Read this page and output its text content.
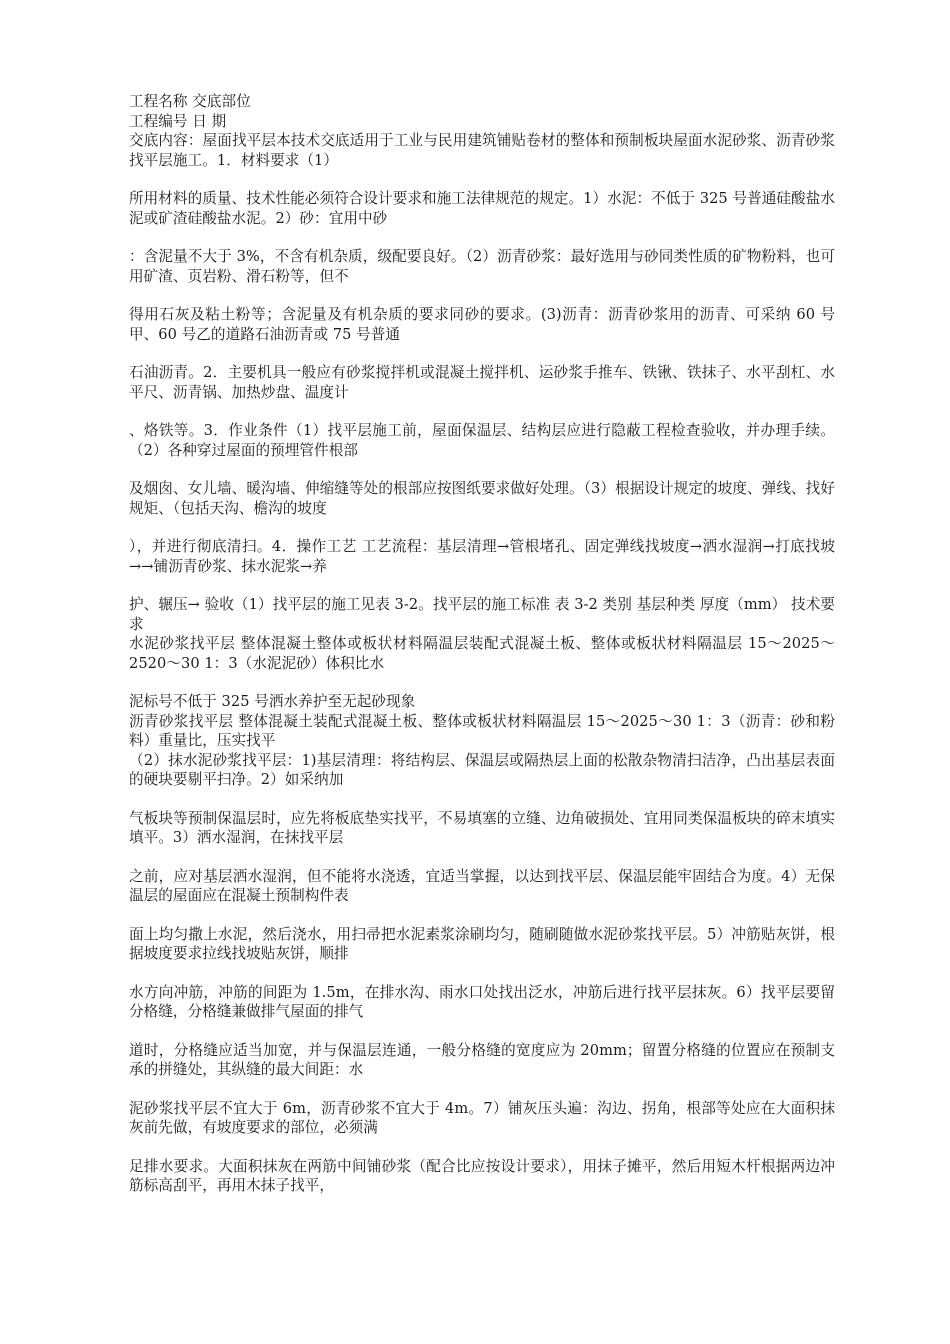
工程名称 交底部位

工程编号 日 期

交底内容：屋面找平层本技术交底适用于工业与民用建筑铺贴卷材的整体和预制板块屋面水泥砂浆、沥青砂浆找平层施工。1．材料要求（1）

所用材料的质量、技术性能必须符合设计要求和施工法律规范的规定。1）水泥：不低于 325 号普通硅酸盐水泥或矿渣硅酸盐水泥。2）砂：宜用中砂

：含泥量不大于 3%，不含有机杂质，级配要良好。（2）沥青砂浆：最好选用与砂同类性质的矿物粉料，也可用矿渣、页岩粉、滑石粉等，但不

得用石灰及粘土粉等；含泥量及有机杂质的要求同砂的要求。(3)沥青：沥青砂浆用的沥青、可采纳 60 号甲、60 号乙的道路石油沥青或 75 号普通

石油沥青。2．主要机具一般应有砂浆搅拌机或混凝土搅拌机、运砂浆手推车、铁锹、铁抹子、水平刮杠、水平尺、沥青锅、加热炒盘、温度计

、烙铁等。3．作业条件（1）找平层施工前，屋面保温层、结构层应进行隐蔽工程检查验收，并办理手续。（2）各种穿过屋面的预埋管件根部

及烟囱、女儿墙、暖沟墙、伸缩缝等处的根部应按图纸要求做好处理。（3）根据设计规定的坡度、弹线、找好规矩、（包括天沟、檐沟的坡度

），并进行彻底清扫。4．操作工艺 工艺流程：基层清理→管根堵孔、固定弹线找坡度→洒水湿润→打底找坡→→铺沥青砂浆、抹水泥浆→养

护、辗压→ 验收（1）找平层的施工见表 3-2。找平层的施工标准 表 3-2 类别 基层种类 厚度（mm） 技术要求

水泥砂浆找平层 整体混凝土整体或板状材料隔温层装配式混凝土板、整体或板状材料隔温层 15～2025～2520～30 1：3（水泥泥砂）体积比水

泥标号不低于 325 号洒水养护至无起砂现象

沥青砂浆找平层 整体混凝土装配式混凝土板、整体或板状材料隔温层 15～2025～30 1：3（沥青：砂和粉料）重量比，压实找平

（2）抹水泥砂浆找平层：1)基层清理：将结构层、保温层或隔热层上面的松散杂物清扫洁净，凸出基层表面的硬块要剔平扫净。2）如采纳加

气板块等预制保温层时，应先将板底垫实找平，不易填塞的立缝、边角破损处、宜用同类保温板块的碎末填实填平。3）洒水湿润，在抹找平层

之前，应对基层洒水湿润，但不能将水浇透，宜适当掌握，以达到找平层、保温层能牢固结合为度。4）无保温层的屋面应在混凝土预制构件表

面上均匀撒上水泥，然后浇水，用扫帚把水泥素浆涂刷均匀，随刷随做水泥砂浆找平层。5）冲筋贴灰饼，根据坡度要求拉线找坡贴灰饼，顺排

水方向冲筋，冲筋的间距为 1.5m，在排水沟、雨水口处找出泛水，冲筋后进行找平层抹灰。6）找平层要留分格缝，分格缝兼做排气屋面的排气

道时，分格缝应适当加宽，并与保温层连通，一般分格缝的宽度应为 20mm；留置分格缝的位置应在预制支承的拼缝处，其纵缝的最大间距：水

泥砂浆找平层不宜大于 6m，沥青砂浆不宜大于 4m。7）铺灰压头遍：沟边、拐角，根部等处应在大面积抹灰前先做，有坡度要求的部位，必须满

足排水要求。大面积抹灰在两筋中间铺砂浆（配合比应按设计要求），用抹子摊平，然后用短木杆根据两边冲筋标高刮平，再用木抹子找平，
